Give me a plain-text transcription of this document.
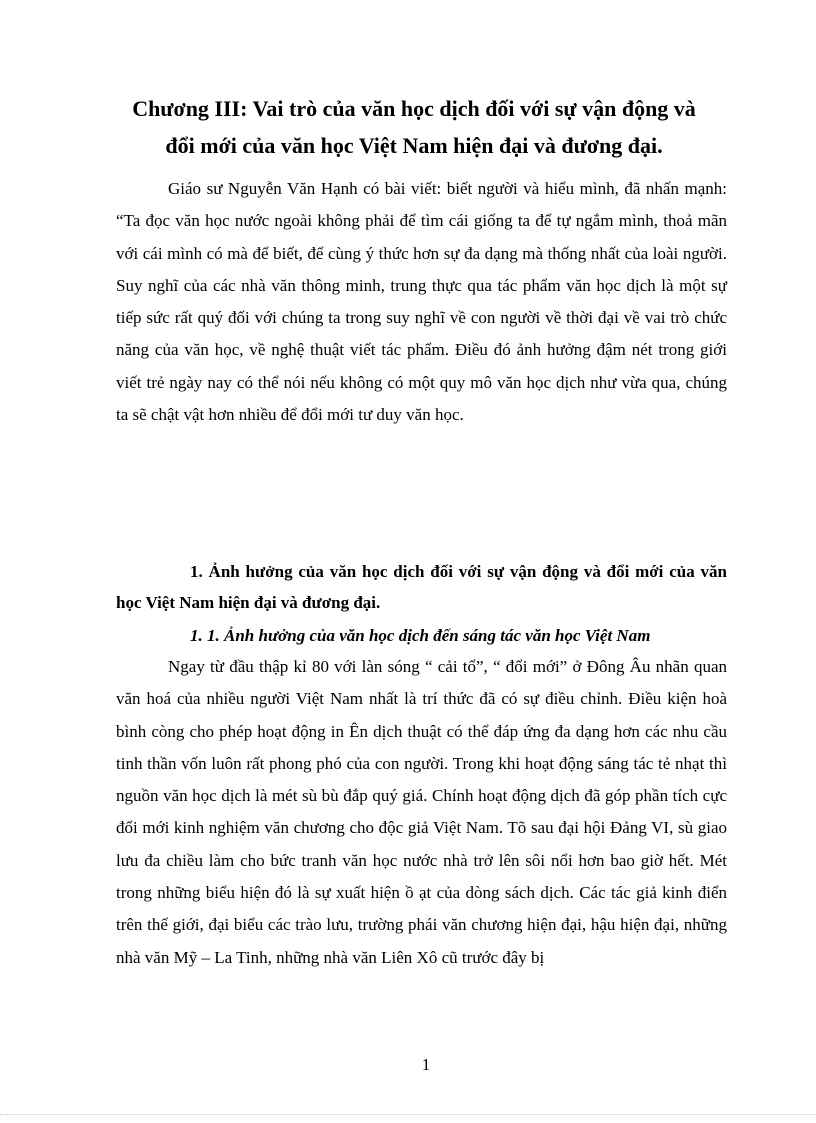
Chương III: Vai trò của văn học dịch đối với sự vận động và
đổi mới của văn học Việt Nam hiện đại và đương đại.

Giáo sư Nguyễn Văn Hạnh có bài viết: biết người và hiểu mình, đã nhấn mạnh: “Ta đọc văn học nước ngoài không phải để tìm cái giống ta để tự ngắm mình, thoả mãn với cái mình có mà để biết, để cùng ý thức hơn sự đa dạng mà thống nhất của loài người. Suy nghĩ của các nhà văn thông minh, trung thực qua tác phẩm văn học dịch là một sự tiếp sức rất quý đối với chúng ta trong suy nghĩ về con người về thời đại về vai trò chức năng của văn học, về nghệ thuật viết tác phẩm. Điều đó ảnh hưởng đậm nét trong giới viết trẻ ngày nay có thể nói nếu không có một quy mô văn học dịch như vừa qua, chúng ta sẽ chật vật hơn nhiều để đổi mới tư duy văn học.

1. Ảnh hưởng của văn học dịch đối với sự vận động và đổi mới của văn học Việt Nam hiện đại và đương đại.
1. 1. Ảnh hưởng của văn học dịch đến sáng tác văn học Việt Nam

Ngay từ đầu thập kỉ 80 với làn sóng “ cải tổ”, “ đổi mới” ở Đông Âu nhãn quan văn hoá của nhiều người Việt Nam nhất là trí thức đã có sự điều chỉnh. Điều kiện hoà bình còng cho phép hoạt động in Ên dịch thuật có thể đáp ứng đa dạng hơn các nhu cầu tinh thần vốn luôn rất phong phó của con người. Trong khi hoạt động sáng tác tẻ nhạt thì nguồn văn học dịch là mét sù bù đắp quý giá. Chính hoạt động dịch đã góp phần tích cực đổi mới kinh nghiệm văn chương cho độc giả Việt Nam. Tõ sau đại hội Đảng VI, sù giao lưu đa chiều làm cho bức tranh văn học nước nhà trở lên sôi nổi hơn bao giờ hết. Mét trong những biểu hiện đó là sự xuất hiện ồ ạt của dòng sách dịch. Các tác giả kinh điển trên thế giới, đại biểu các trào lưu, trường phái văn chương hiện đại, hậu hiện đại, những nhà văn Mỹ – La Tinh, những nhà văn Liên Xô cũ trước đây bị

1
